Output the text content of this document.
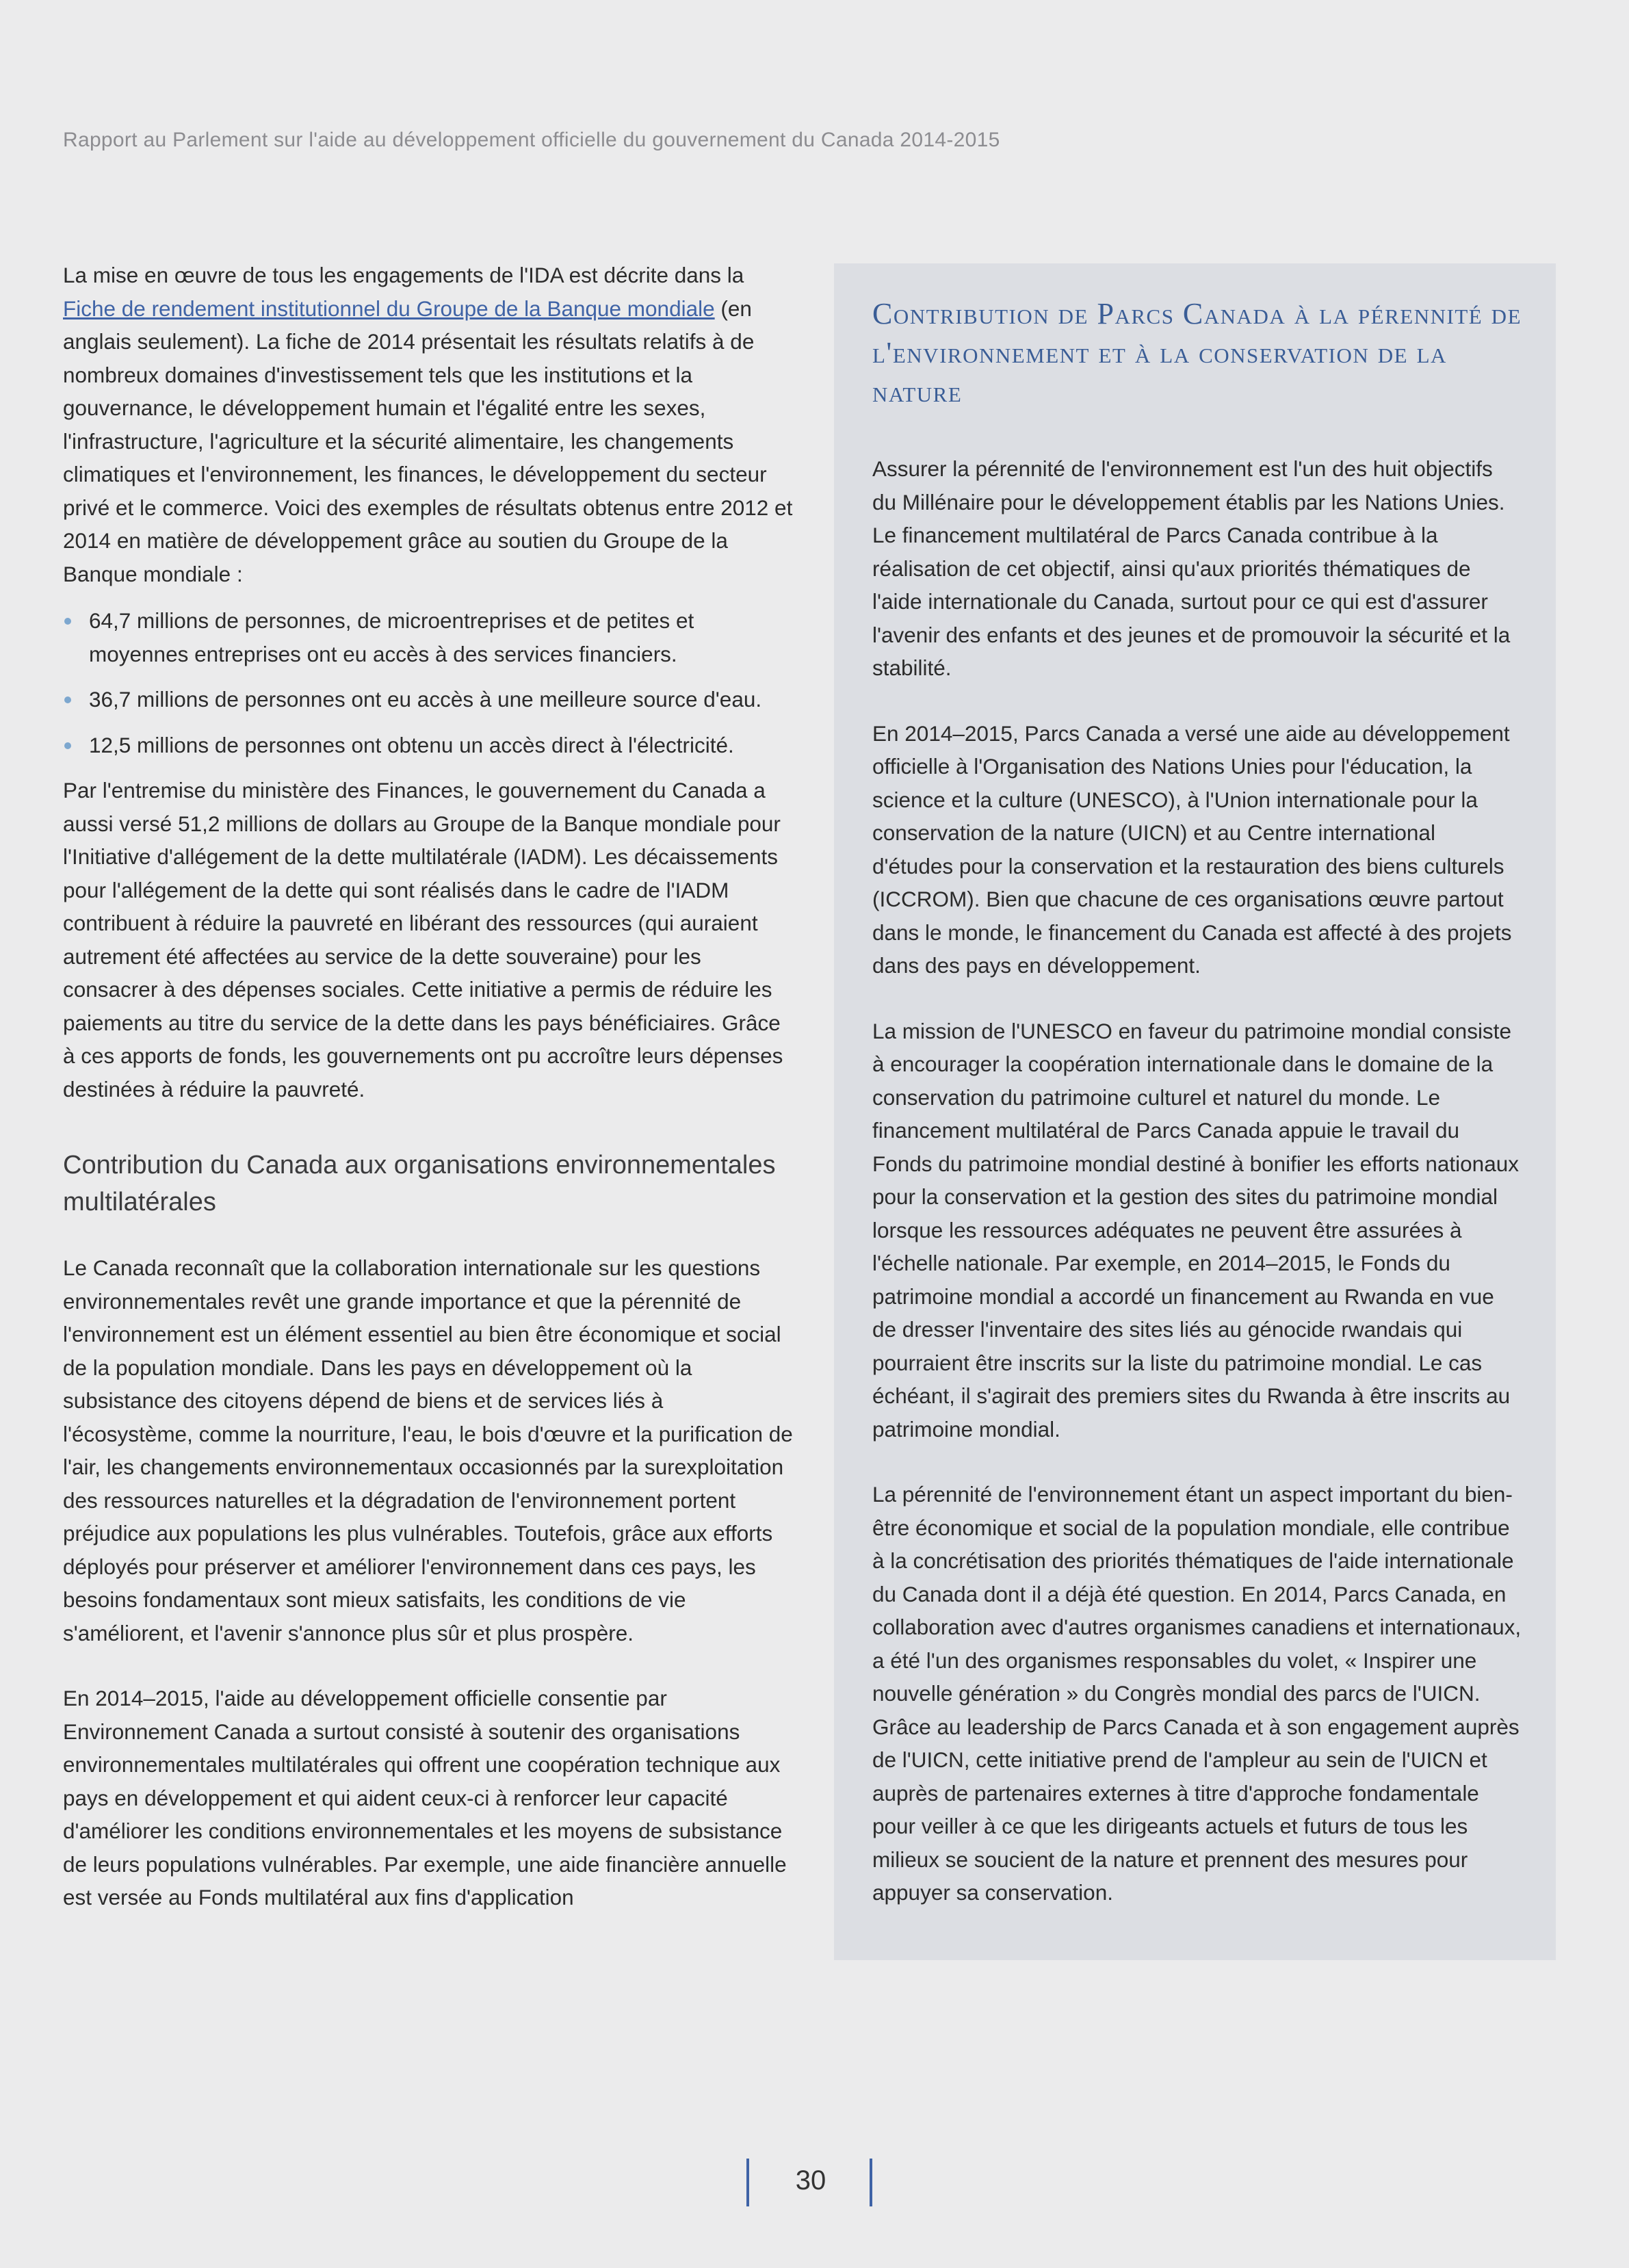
Rapport au Parlement sur l'aide au développement officielle du gouvernement du Canada 2014-2015

La mise en œuvre de tous les engagements de l'IDA est décrite dans la Fiche de rendement institutionnel du Groupe de la Banque mondiale (en anglais seulement). La fiche de 2014 présentait les résultats relatifs à de nombreux domaines d'investissement tels que les institutions et la gouvernance, le développement humain et l'égalité entre les sexes, l'infrastructure, l'agriculture et la sécurité alimentaire, les changements climatiques et l'environnement, les finances, le développement du secteur privé et le commerce. Voici des exemples de résultats obtenus entre 2012 et 2014 en matière de développement grâce au soutien du Groupe de la Banque mondiale :

64,7 millions de personnes, de microentreprises et de petites et moyennes entreprises ont eu accès à des services financiers.
36,7 millions de personnes ont eu accès à une meilleure source d'eau.
12,5 millions de personnes ont obtenu un accès direct à l'électricité.

Par l'entremise du ministère des Finances, le gouvernement du Canada a aussi versé 51,2 millions de dollars au Groupe de la Banque mondiale pour l'Initiative d'allégement de la dette multilatérale (IADM). Les décaissements pour l'allégement de la dette qui sont réalisés dans le cadre de l'IADM contribuent à réduire la pauvreté en libérant des ressources (qui auraient autrement été affectées au service de la dette souveraine) pour les consacrer à des dépenses sociales. Cette initiative a permis de réduire les paiements au titre du service de la dette dans les pays bénéficiaires. Grâce à ces apports de fonds, les gouvernements ont pu accroître leurs dépenses destinées à réduire la pauvreté.

Contribution du Canada aux organisations environnementales multilatérales

Le Canada reconnaît que la collaboration internationale sur les questions environnementales revêt une grande importance et que la pérennité de l'environnement est un élément essentiel au bien être économique et social de la population mondiale. Dans les pays en développement où la subsistance des citoyens dépend de biens et de services liés à l'écosystème, comme la nourriture, l'eau, le bois d'œuvre et la purification de l'air, les changements environnementaux occasionnés par la surexploitation des ressources naturelles et la dégradation de l'environnement portent préjudice aux populations les plus vulnérables. Toutefois, grâce aux efforts déployés pour préserver et améliorer l'environnement dans ces pays, les besoins fondamentaux sont mieux satisfaits, les conditions de vie s'améliorent, et l'avenir s'annonce plus sûr et plus prospère.

En 2014–2015, l'aide au développement officielle consentie par Environnement Canada a surtout consisté à soutenir des organisations environnementales multilatérales qui offrent une coopération technique aux pays en développement et qui aident ceux-ci à renforcer leur capacité d'améliorer les conditions environnementales et les moyens de subsistance de leurs populations vulnérables. Par exemple, une aide financière annuelle est versée au Fonds multilatéral aux fins d'application

Contribution de Parcs Canada à la pérennité de l'environnement et à la conservation de la nature

Assurer la pérennité de l'environnement est l'un des huit objectifs du Millénaire pour le développement établis par les Nations Unies. Le financement multilatéral de Parcs Canada contribue à la réalisation de cet objectif, ainsi qu'aux priorités thématiques de l'aide internationale du Canada, surtout pour ce qui est d'assurer l'avenir des enfants et des jeunes et de promouvoir la sécurité et la stabilité.

En 2014–2015, Parcs Canada a versé une aide au développement officielle à l'Organisation des Nations Unies pour l'éducation, la science et la culture (UNESCO), à l'Union internationale pour la conservation de la nature (UICN) et au Centre international d'études pour la conservation et la restauration des biens culturels (ICCROM). Bien que chacune de ces organisations œuvre partout dans le monde, le financement du Canada est affecté à des projets dans des pays en développement.

La mission de l'UNESCO en faveur du patrimoine mondial consiste à encourager la coopération internationale dans le domaine de la conservation du patrimoine culturel et naturel du monde. Le financement multilatéral de Parcs Canada appuie le travail du Fonds du patrimoine mondial destiné à bonifier les efforts nationaux pour la conservation et la gestion des sites du patrimoine mondial lorsque les ressources adéquates ne peuvent être assurées à l'échelle nationale. Par exemple, en 2014–2015, le Fonds du patrimoine mondial a accordé un financement au Rwanda en vue de dresser l'inventaire des sites liés au génocide rwandais qui pourraient être inscrits sur la liste du patrimoine mondial. Le cas échéant, il s'agirait des premiers sites du Rwanda à être inscrits au patrimoine mondial.

La pérennité de l'environnement étant un aspect important du bien-être économique et social de la population mondiale, elle contribue à la concrétisation des priorités thématiques de l'aide internationale du Canada dont il a déjà été question. En 2014, Parcs Canada, en collaboration avec d'autres organismes canadiens et internationaux, a été l'un des organismes responsables du volet, « Inspirer une nouvelle génération » du Congrès mondial des parcs de l'UICN. Grâce au leadership de Parcs Canada et à son engagement auprès de l'UICN, cette initiative prend de l'ampleur au sein de l'UICN et auprès de partenaires externes à titre d'approche fondamentale pour veiller à ce que les dirigeants actuels et futurs de tous les milieux se soucient de la nature et prennent des mesures pour appuyer sa conservation.

30
